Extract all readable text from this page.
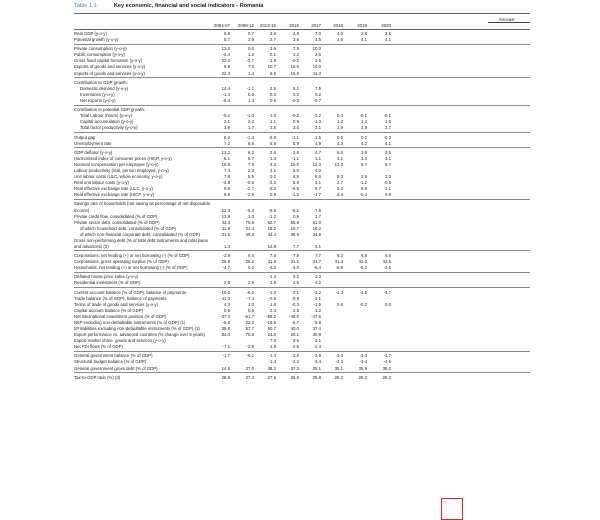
Table 1.1:	Key economic, financial and social indicators - Romania
forecast
2004-07	2008-12	2013-15	2016	2017	2018	2019	2020
Real GDP (y-o-y)	6.8	0.7	3.6	4.8	7.0	4.0	3.8	3.6
Potential growth (y-o-y)	5.7	2.9	2.7	3.6	4.5	4.6	4.1	4.1
Private consumption (y-o-y)	13.2	0.0	3.6	7.9	10.0
Public consumption (y-o-y)	-2.4	1.2	0.1	2.2	2.6
Gross fixed capital formation (y-o-y)	23.2	-3.7	1.6	-0.2	3.5
Exports of goods and services (y-o-y)	9.9	7.0	10.7	16.0	10.0
Imports of goods and services (y-o-y)	22.3	1.4	8.5	16.5	11.3
Contribution to GDP growth:
Domestic demand (y-o-y)	14.4	-1.1	2.5	5.1	7.5
Inventories (y-o-y)	-1.4	0.0	0.3	0.0	0.2
Net exports (y-o-y)	-6.4	1.3	0.6	-0.3	-0.7
Contribution to potential GDP growth:
Total Labour (hours) (y-o-y)	-0.4	-1.0	-1.0	-0.2	0.2	0.4	-0.1	-0.1
Capital accumulation (y-o-y)	2.1	2.2	1.1	0.9	1.3	1.3	1.4	1.5
Total factor productivity (y-o-y)	3.9	1.7	2.5	3.0	3.1	2.9	2.8	2.7
Output gap	6.2	-1.4	-2.8	-1.1	1.5	0.5	0.2	-0.3
Unemployment rate	7.2	6.6	6.9	5.9	4.9	4.3	4.2	4.1
GDP deflator (y-o-y)	13.2	6.2	2.6	2.5	4.7	6.5	3.8	3.5
Harmonised index of consumer prices (HICP, y-o-y)	8.1	5.7	1.4	-1.1	1.1	4.1	3.3	3.1
Nominal compensation per employee (y-o-y)	15.8	7.9	4.3	15.0	12.3	13.0	6.7	6.7
Labour productivity (real, person employed, y-o-y)	7.4	2.3	4.1	6.0	4.0
Unit labour costs (ULC, whole economy, y-o-y)	7.8	5.5	0.2	8.5	8.0	9.3	2.5	3.0
Real unit labour costs (y-o-y)	-4.8	-0.6	-2.3	5.9	3.1	2.7	-1.2	-0.5
Real effective exchange rate (ULC, y-o-y)	9.5	-2.7	-2.3	-6.5	6.7	6.3	6.8	-1.1
Real effective exchange rate (HICP, y-o-y)	8.5	-2.9	0.9	-1.2	-1.7	2.4	-0.4	0.8
Savings rate of households (net saving as percentage of net disposable
income)	-22.3	-5.4	-9.6	-8.1	-7.6
Private credit flow, consolidated (% of GDP)	13.9	3.0	-1.2	0.6	1.7
Private sector debt, consolidated (% of GDP)	43.3	70.6	62.7	55.6	51.0
of which household debt, consolidated (% of GDP)	11.9	21.4	18.2	16.7	16.2
of which non-financial corporate debt, consolidated (% of GDP)	31.5	49.3	44.4	38.9	34.8
Gross non-performing debt (% of total debt instruments and total loans
and advances) (2)	1.4	14.8	7.7	5.1
Corporations, net lending (+) or net borrowing (-) (% of GDP)	-2.8	0.4	7.6	7.8	7.7	8.3	6.5	6.6
Corporations, gross operating surplus (% of GDP)	25.9	28.2	31.8	31.1	31.7	31.4	32.0	32.5
Households, net lending (+) or net borrowing (-) (% of GDP)	-4.7	0.2	-4.3	-4.0	-6.4	-6.9	-5.3	-4.6
Deflated house price index (y-o-y)	-1.4	5.2	3.3
Residential investment (% of GDP)	2.0	2.9	2.5	2.8	4.2
Current account balance (% of GDP), balance of payments	-10.2	-6.2	-1.0	-2.1	-3.2	-4.3	-4.5	-4.7
Trade balance (% of GDP), balance of payments	-11.3	-7.4	-0.6	-0.9	-2.1
Terms of trade of goods and services (y-o-y)	4.3	1.0	1.8	-0.3	-1.5	0.6	-0.2	0.0
Capital account balance (% of GDP)	0.5	0.6	2.4	2.5	1.2
Net international investment position (% of GDP)	-37.2	-61.7	-58.2	-49.0	-47.6
NIIP excluding non-defaultable instruments (% of GDP) (1)	-5.0	-22.2	-16.5	-6.7	-5.8
IIP liabilities excluding non-defaultable instruments (% of GDP) (1)	35.8	57.7	50.7	40.0	37.4
Export performance vs. advanced countries (% change over 5 years)	84.0	70.5	24.0	20.1	30.9
Export market share, goods and services (y-o-y)	7.0	8.6	3.1
Net FDI flows (% of GDP)	-7.1	-2.8	-1.9	-2.6	-2.4
General government balance (% of GDP)	-1.7	-6.1	-1.4	-2.9	-2.9	-3.3	-3.4	-4.7
Structural budget balance (% of GDP)	-1.4	-2.2	-3.4	-3.3	-3.4	-4.6
General government gross debt (% of GDP)	14.6	27.0	38.2	37.3	35.1	35.1	35.9	38.2
Tax-to-GDP ratio (%) (3)	28.5	27.3	27.6	26.5	25.8	26.2	26.2	26.2
